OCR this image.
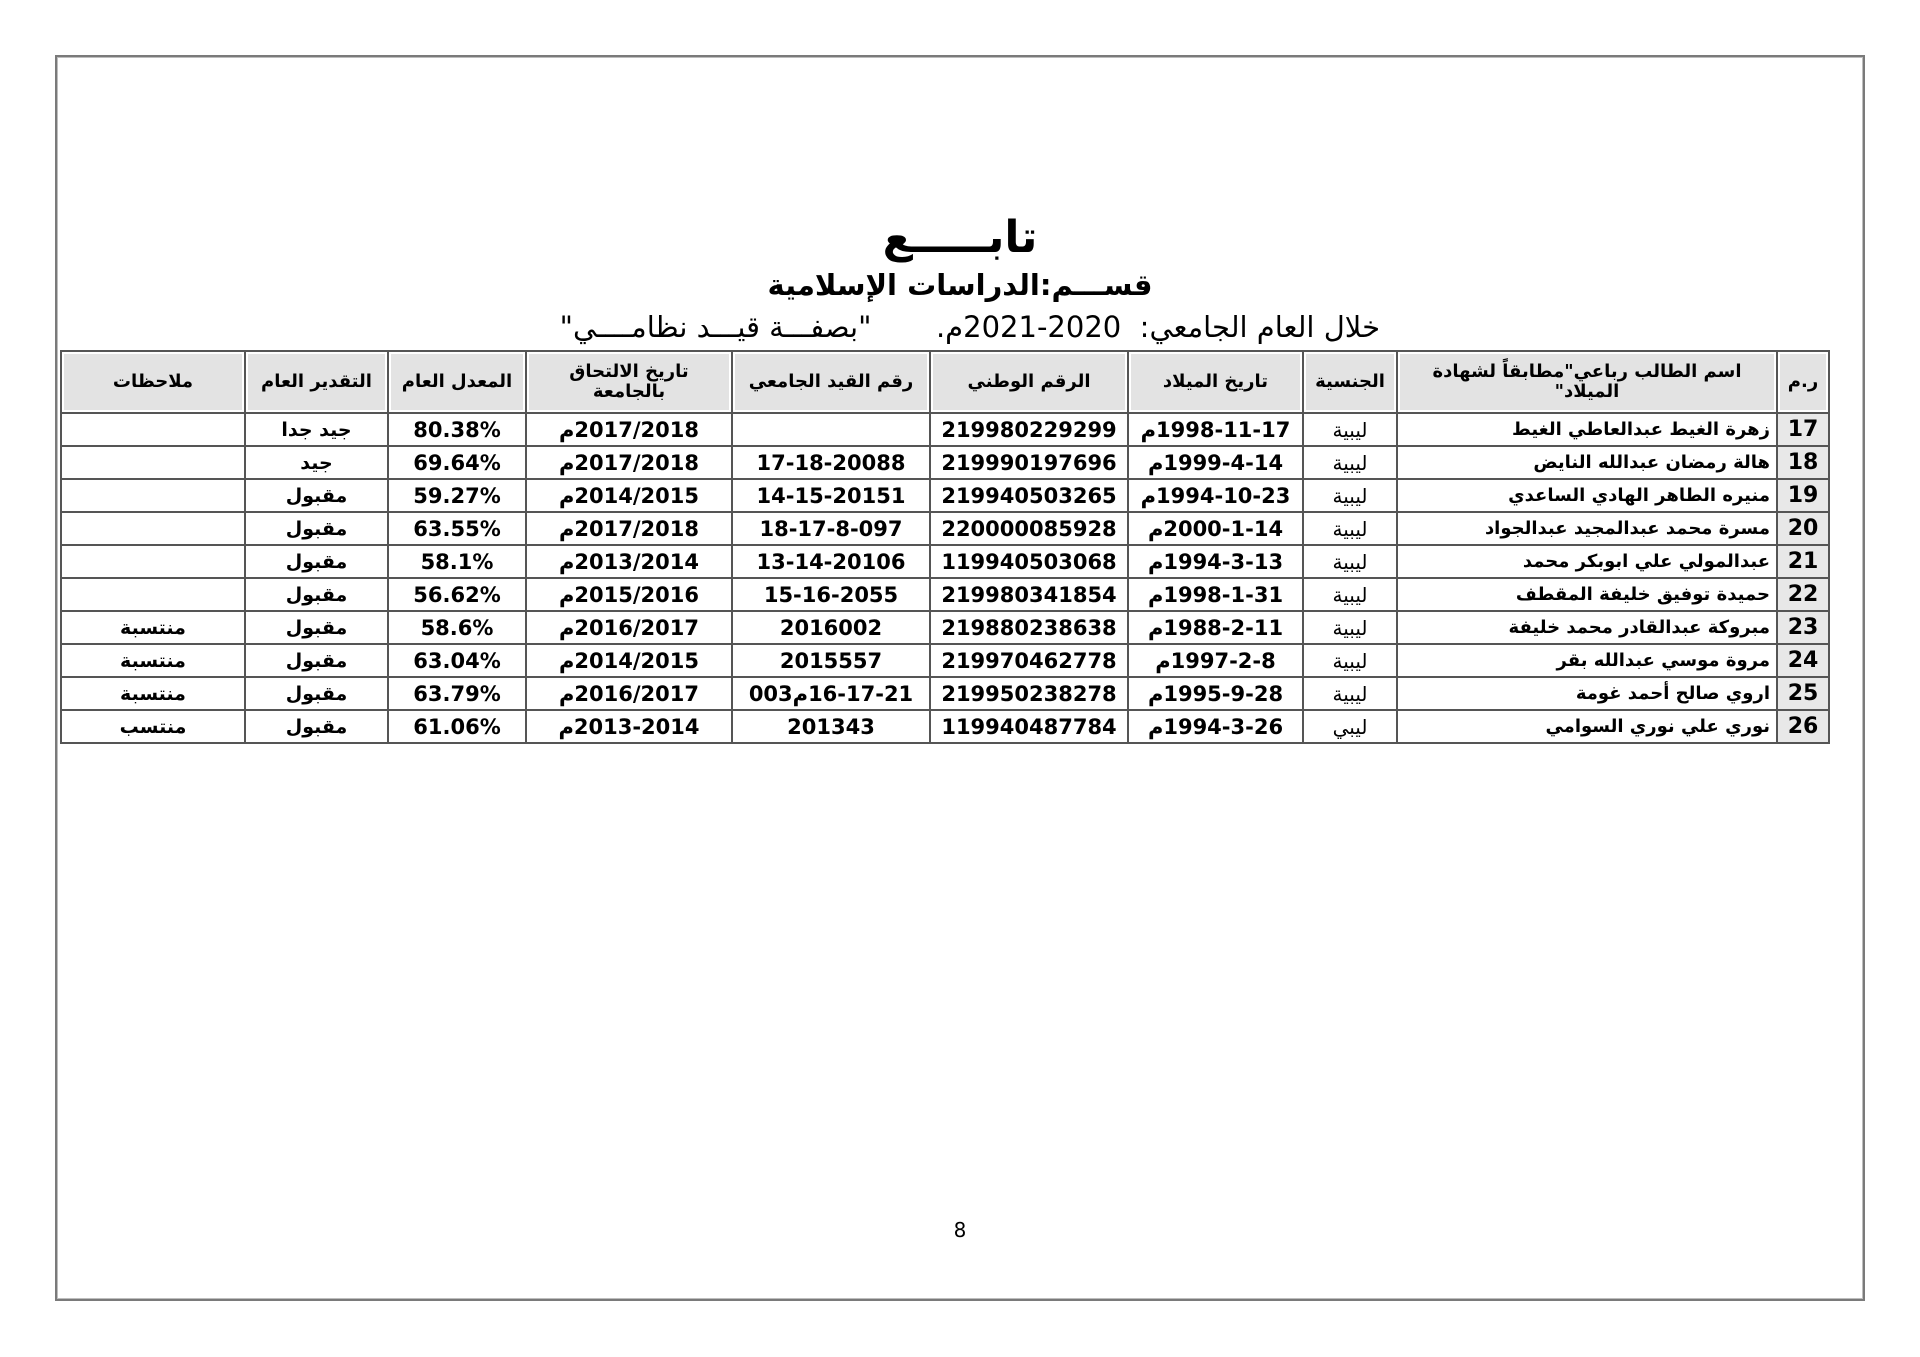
تابـــــع
قســـم:الدراسات الإسلامية
خلال العام الجامعي:  2020-2021م.       "بصفـــة قيـــد نظامــــي"
ر.م	اسم الطالب رباعي"مطابقاً لشهادة الميلاد"	الجنسية	تاريخ الميلاد	الرقم الوطني	رقم القيد الجامعي	تاريخ الالتحاق بالجامعة	المعدل العام	التقدير العام	ملاحظات
17	زهرة الغيط عبدالعاطي الغيط	ليبية	1998-11-17م	219980229299		2017/2018م	80.38%	جيد جدا	
18	هالة رمضان عبدالله النايض	ليبية	1999-4-14م	219990197696	17-18-20088	2017/2018م	69.64%	جيد	
19	منيره الطاهر الهادي الساعدي	ليبية	1994-10-23م	219940503265	14-15-20151	2014/2015م	59.27%	مقبول	
20	مسرة محمد عبدالمجيد عبدالجواد	ليبية	2000-1-14م	220000085928	18-17-8-097	2017/2018م	63.55%	مقبول	
21	عبدالمولي علي ابوبكر محمد	ليبية	1994-3-13م	119940503068	13-14-20106	2013/2014م	58.1%	مقبول	
22	حميدة توفيق خليفة المقطف	ليبية	1998-1-31م	219980341854	15-16-2055	2015/2016م	56.62%	مقبول	
23	مبروكة عبدالقادر محمد خليفة	ليبية	1988-2-11م	219880238638	2016002	2016/2017م	58.6%	مقبول	منتسبة
24	مروة موسي عبدالله بقر	ليبية	1997-2-8م	219970462778	2015557	2014/2015م	63.04%	مقبول	منتسبة
25	اروي صالح أحمد غومة	ليبية	1995-9-28م	219950238278	16-17-21م003	2016/2017م	63.79%	مقبول	منتسبة
26	نوري علي نوري السوامي	ليبي	1994-3-26م	119940487784	201343	2013-2014م	61.06%	مقبول	منتسب
8
